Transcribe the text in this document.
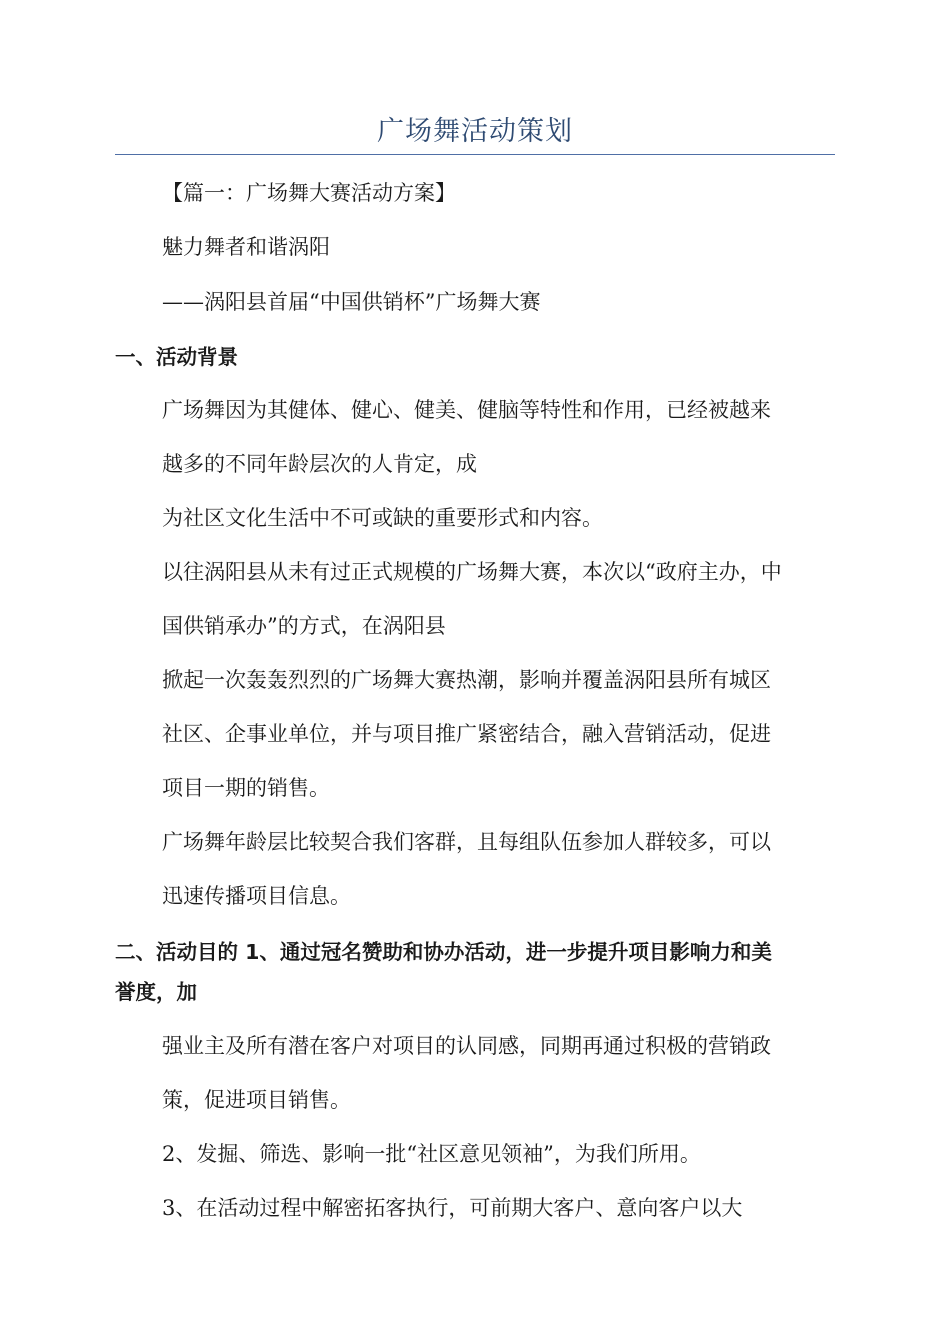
广场舞活动策划
【篇一：广场舞大赛活动方案】
魅力舞者和谐涡阳
——涡阳县首届“中国供销杯”广场舞大赛
一、活动背景
广场舞因为其健体、健心、健美、健脑等特性和作用，已经被越来
越多的不同年龄层次的人肯定，成
为社区文化生活中不可或缺的重要形式和内容。
以往涡阳县从未有过正式规模的广场舞大赛，本次以“政府主办，中
国供销承办”的方式，在涡阳县
掀起一次轰轰烈烈的广场舞大赛热潮，影响并覆盖涡阳县所有城区
社区、企事业单位，并与项目推广紧密结合，融入营销活动，促进
项目一期的销售。
广场舞年龄层比较契合我们客群，且每组队伍参加人群较多，可以
迅速传播项目信息。
二、活动目的 1、通过冠名赞助和协办活动，进一步提升项目影响力和美
誉度，加
强业主及所有潜在客户对项目的认同感，同期再通过积极的营销政
策，促进项目销售。
2、发掘、筛选、影响一批“社区意见领袖”，为我们所用。
3、在活动过程中解密拓客执行，可前期大客户、意向客户以大
